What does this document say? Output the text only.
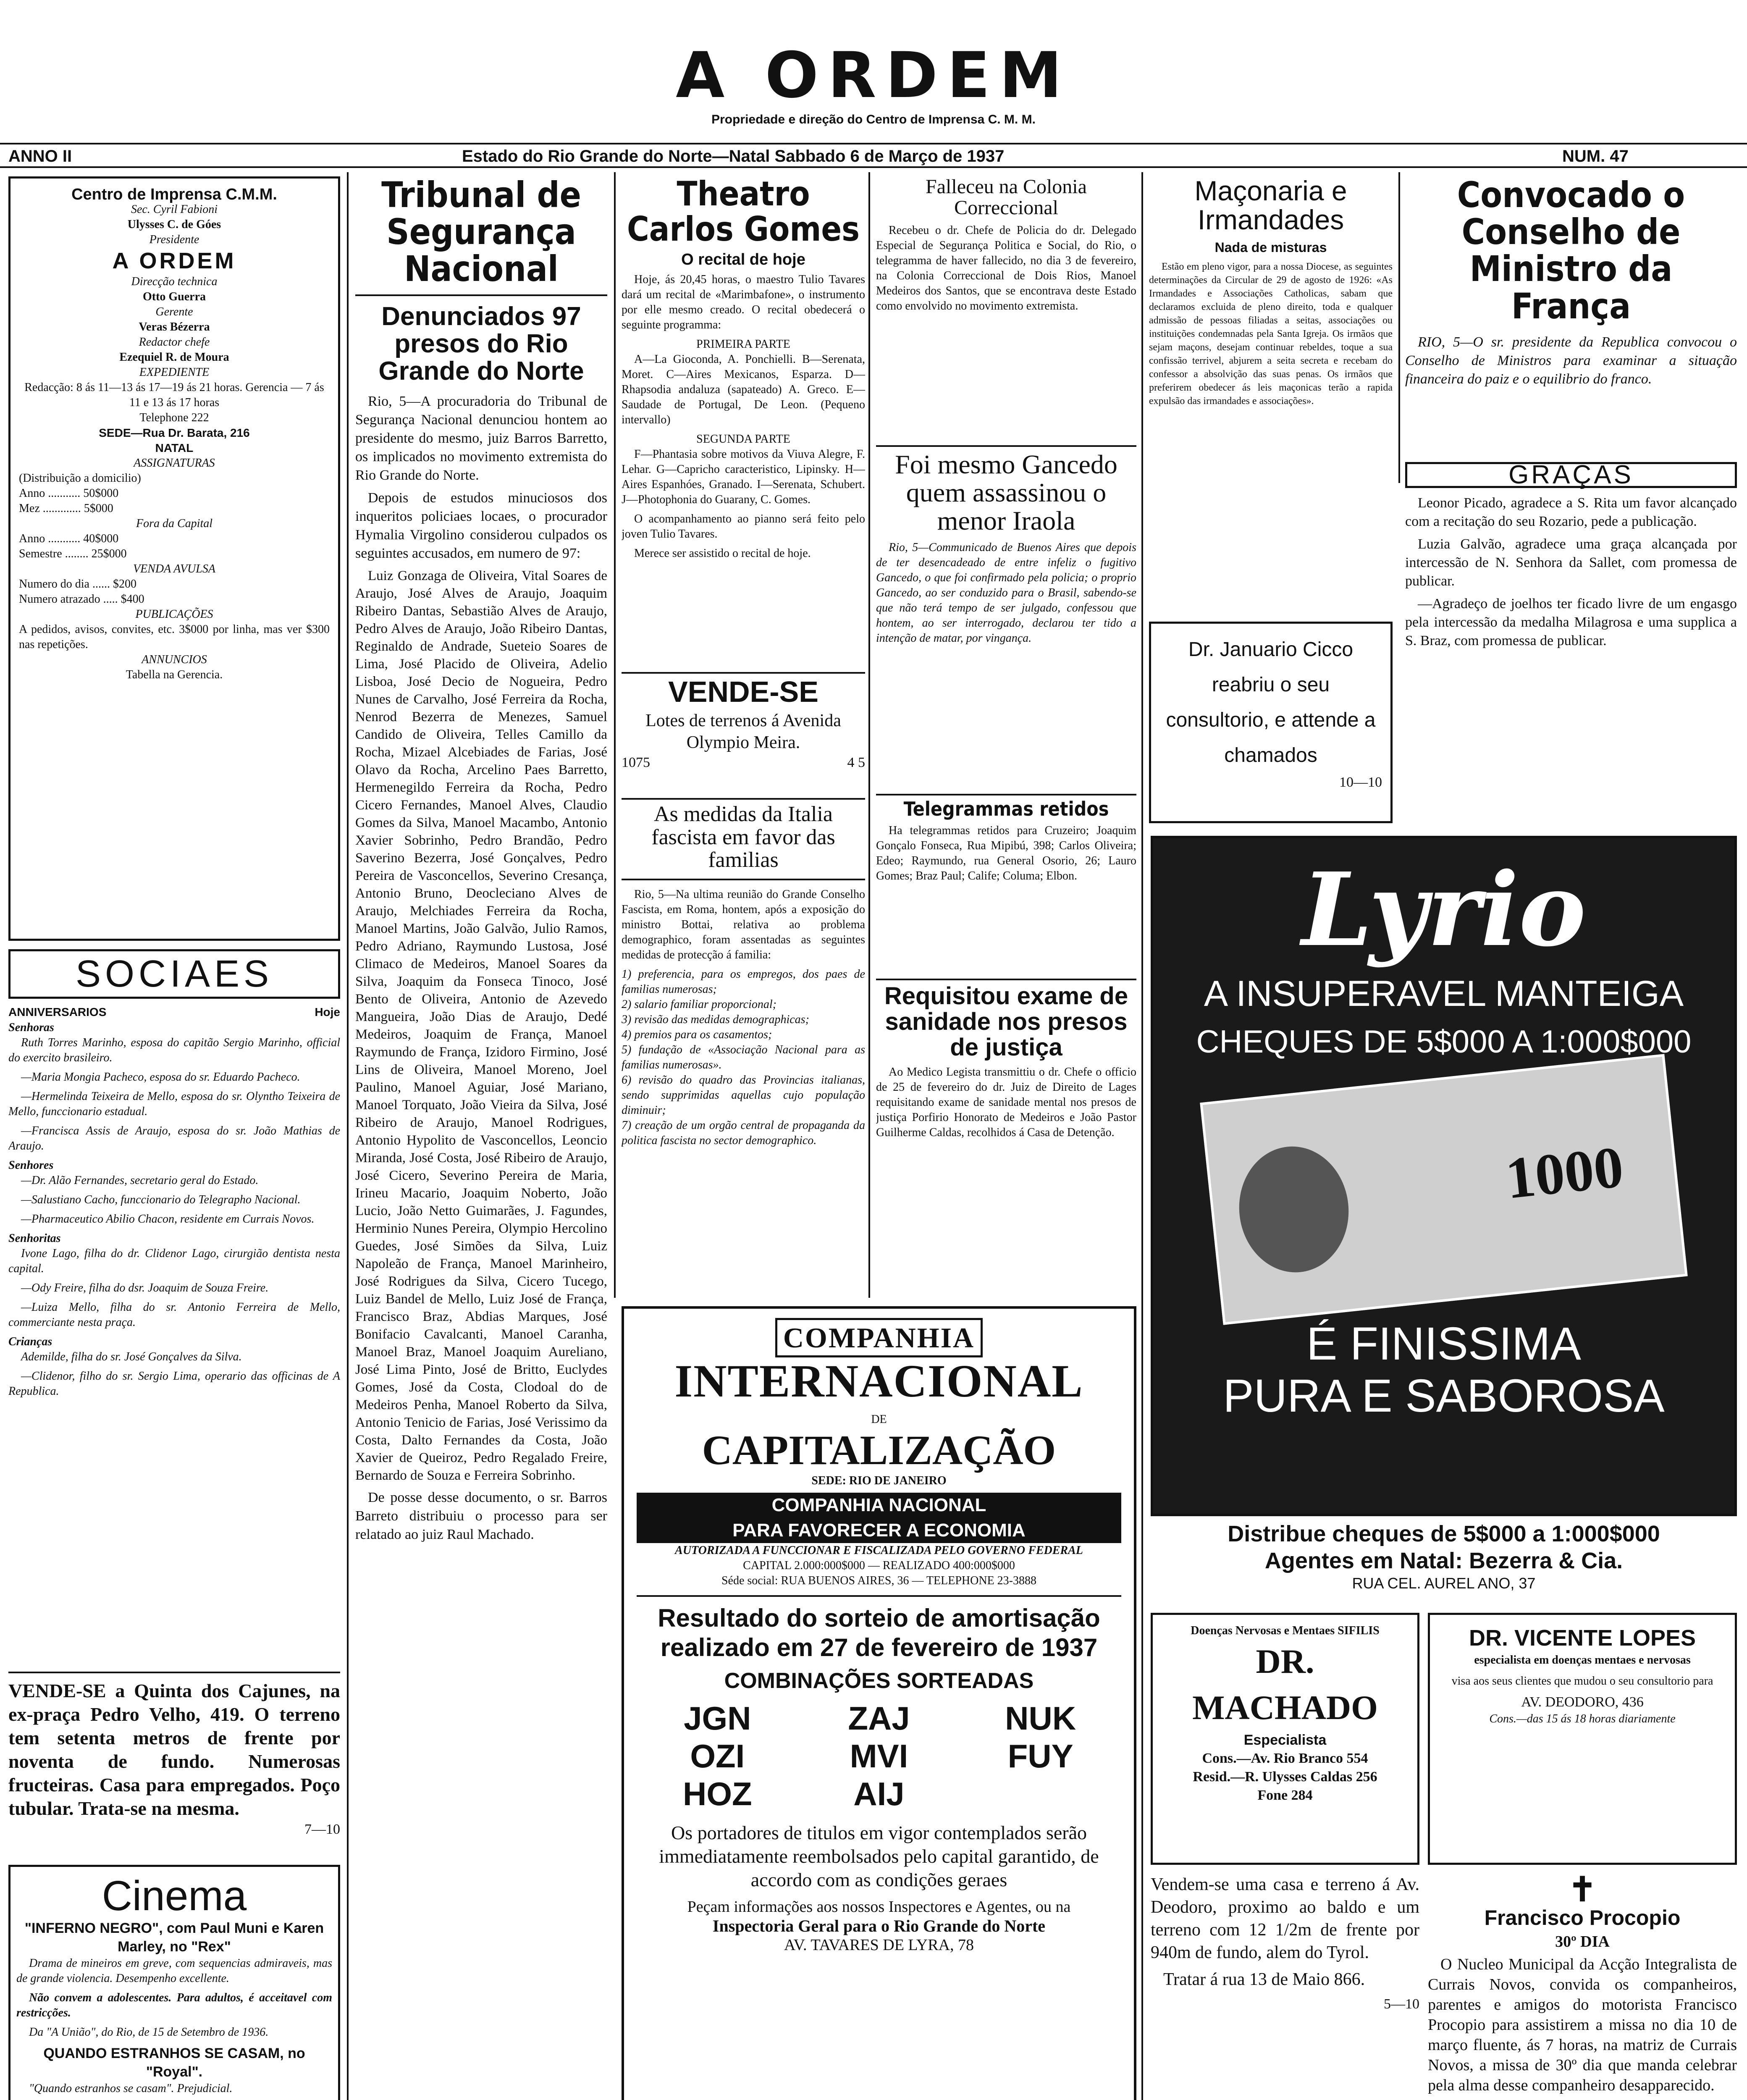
A ORDEM
Propriedade e direção do Centro de Imprensa C. M. M.
ANNO II	Estado do Rio Grande do Norte—Natal Sabbado 6 de Março de 1937	NUM. 47
Centro de Imprensa C.M.M.
Sec. Cyril Fabioni
Ulysses C. de Góes
Presidente
A ORDEM
Direcção technica
Otto Guerra
Gerente
Veras Bézerra
Redactor chefe
Ezequiel R. de Moura
EXPEDIENTE
Redacção: 8 ás 11—13 ás 17—19 ás 21 horas. Gerencia — 7 ás 11 e 13 ás 17 horas
Telephone 222
SEDE—Rua Dr. Barata, 216
NATAL
ASSIGNATURAS
(Distribuição a domicilio)
Anno ........... 50$000
Mez ............. 5$000
Fora da Capital
Anno ........... 40$000
Semestre ........ 25$000
VENDA AVULSA
Numero do dia ...... $200
Numero atrazado ..... $400
PUBLICAÇÕES
A pedidos, avisos, convites, etc. 3$000 por linha, mas ver $300 nas repetições.
ANNUNCIOS
Tabella na Gerencia.
SOCIAES
ANNIVERSARIOS	Hoje
Senhoras

Ruth Torres Marinho, esposa do capitão Sergio Marinho, official do exercito brasileiro.

—Maria Mongia Pacheco, esposa do sr. Eduardo Pacheco.

—Hermelinda Teixeira de Mello, esposa do sr. Olyntho Teixeira de Mello, funccionario estadual.

—Francisca Assis de Araujo, esposa do sr. João Mathias de Araujo.

Senhores

—Dr. Alão Fernandes, secretario geral do Estado.

—Salustiano Cacho, funccionario do Telegrapho Nacional.

—Pharmaceutico Abilio Chacon, residente em Currais Novos.

Senhoritas

Ivone Lago, filha do dr. Clidenor Lago, cirurgião dentista nesta capital.

—Ody Freire, filha do dsr. Joaquim de Souza Freire.

—Luiza Mello, filha do sr. Antonio Ferreira de Mello, commerciante nesta praça.

Crianças

Ademilde, filha do sr. José Gonçalves da Silva.

—Clidenor, filho do sr. Sergio Lima, operario das officinas de A Republica.

VENDE-SE a Quinta dos Cajunes, na ex-praça Pedro Velho, 419. O terreno tem setenta metros de frente por noventa de fundo. Numerosas fructeiras. Casa para empregados. Poço tubular. Trata-se na mesma.
7—10
Cinema
"INFERNO NEGRO", com Paul Muni e Karen Marley, no "Rex"

Drama de mineiros em greve, com sequencias admiraveis, mas de grande violencia. Desempenho excellente.

Não convem a adolescentes. Para adultos, é acceitavel com restricções.

Da "A União", do Rio, de 15 de Setembro de 1936.

QUANDO ESTRANHOS SE CASAM, no "Royal".

"Quando estranhos se casam". Prejudicial.

Tribunal de Segurança Nacional
Denunciados 97 presos do Rio Grande do Norte

Rio, 5—A procuradoria do Tribunal de Segurança Nacional denunciou hontem ao presidente do mesmo, juiz Barros Barretto, os implicados no movimento extremista do Rio Grande do Norte.

Depois de estudos minuciosos dos inqueritos policiaes locaes, o procurador Hymalia Virgolino considerou culpados os seguintes accusados, em numero de 97:

Luiz Gonzaga de Oliveira, Vital Soares de Araujo, José Alves de Araujo, Joaquim Ribeiro Dantas, Sebastião Alves de Araujo, Pedro Alves de Araujo, João Ribeiro Dantas, Reginaldo de Andrade, Sueteio Soares de Lima, José Placido de Oliveira, Adelio Lisboa, José Decio de Nogueira, Pedro Nunes de Carvalho, José Ferreira da Rocha, Nenrod Bezerra de Menezes, Samuel Candido de Oliveira, Telles Camillo da Rocha, Mizael Alcebiades de Farias, José Olavo da Rocha, Arcelino Paes Barretto, Hermenegildo Ferreira da Rocha, Pedro Cicero Fernandes, Manoel Alves, Claudio Gomes da Silva, Manoel Macambo, Antonio Xavier Sobrinho, Pedro Brandão, Pedro Saverino Bezerra, José Gonçalves, Pedro Pereira de Vasconcellos, Severino Cresança, Antonio Bruno, Deocleciano Alves de Araujo, Melchiades Ferreira da Rocha, Manoel Martins, João Galvão, Julio Ramos, Pedro Adriano, Raymundo Lustosa, José Climaco de Medeiros, Manoel Soares da Silva, Joaquim da Fonseca Tinoco, José Bento de Oliveira, Antonio de Azevedo Mangueira, João Dias de Araujo, Dedé Medeiros, Joaquim de França, Manoel Raymundo de França, Izidoro Firmino, José Lins de Oliveira, Manoel Moreno, Joel Paulino, Manoel Aguiar, José Mariano, Manoel Torquato, João Vieira da Silva, José Ribeiro de Araujo, Manoel Rodrigues, Antonio Hypolito de Vasconcellos, Leoncio Miranda, José Costa, José Ribeiro de Araujo, José Cicero, Severino Pereira de Maria, Irineu Macario, Joaquim Noberto, João Lucio, João Netto Guimarães, J. Fagundes, Herminio Nunes Pereira, Olympio Hercolino Guedes, José Simões da Silva, Luiz Napoleão de França, Manoel Marinheiro, José Rodrigues da Silva, Cicero Tucego, Luiz Bandel de Mello, Luiz José de França, Francisco Braz, Abdias Marques, José Bonifacio Cavalcanti, Manoel Caranha, Manoel Braz, Manoel Joaquim Aureliano, José Lima Pinto, José de Britto, Euclydes Gomes, José da Costa, Clodoal do de Medeiros Penha, Manoel Roberto da Silva, Antonio Tenicio de Farias, José Verissimo da Costa, Dalto Fernandes da Costa, João Xavier de Queiroz, Pedro Regalado Freire, Bernardo de Souza e Ferreira Sobrinho.

De posse desse documento, o sr. Barros Barreto distribuiu o processo para ser relatado ao juiz Raul Machado.

Theatro Carlos Gomes
O recital de hoje

Hoje, ás 20,45 horas, o maestro Tulio Tavares dará um recital de «Marimbafone», o instrumento por elle mesmo creado. O recital obedecerá o seguinte programma:

PRIMEIRA PARTE

A—La Gioconda, A. Ponchielli. B—Serenata, Moret. C—Aires Mexicanos, Esparza. D—Rhapsodia andaluza (sapateado) A. Greco. E—Saudade de Portugal, De Leon. (Pequeno intervallo)

SEGUNDA PARTE

F—Phantasia sobre motivos da Viuva Alegre, F. Lehar. G—Capricho caracteristico, Lipinsky. H—Aires Espanhóes, Granado. I—Serenata, Schubert. J—Photophonia do Guarany, C. Gomes.

O acompanhamento ao pianno será feito pelo joven Tulio Tavares.

Merece ser assistido o recital de hoje.

VENDE-SE
Lotes de terrenos á Avenida Olympio Meira.
1075	4 5
As medidas da Italia fascista em favor das familias

Rio, 5—Na ultima reunião do Grande Conselho Fascista, em Roma, hontem, após a exposição do ministro Bottai, relativa ao problema demographico, foram assentadas as seguintes medidas de protecção á familia:

1) preferencia, para os empregos, dos paes de familias numerosas;
2) salario familiar proporcional;
3) revisão das medidas demographicas;
4) premios para os casamentos;
5) fundação de «Associação Nacional para as familias numerosas».
6) revisão do quadro das Provincias italianas, sendo supprimidas aquellas cujo população diminuir;
7) creação de um orgão central de propaganda da politica fascista no sector demographico.
Falleceu na Colonia Correccional

Recebeu o dr. Chefe de Policia do dr. Delegado Especial de Segurança Politica e Social, do Rio, o telegramma de haver fallecido, no dia 3 de fevereiro, na Colonia Correccional de Dois Rios, Manoel Medeiros dos Santos, que se encontrava deste Estado como envolvido no movimento extremista.

Foi mesmo Gancedo quem assassinou o menor Iraola

Rio, 5—Communicado de Buenos Aires que depois de ter desencadeado de entre infeliz o fugitivo Gancedo, o que foi confirmado pela policia; o proprio Gancedo, ao ser conduzido para o Brasil, sabendo-se que não terá tempo de ser julgado, confessou que hontem, ao ser interrogado, declarou ter tido a intenção de matar, por vingança.

Telegrammas retidos

Ha telegrammas retidos para Cruzeiro; Joaquim Gonçalo Fonseca, Rua Mipibú, 398; Carlos Oliveira; Edeo; Raymundo, rua General Osorio, 26; Lauro Gomes; Braz Paul; Calife; Columa; Elbon.

Requisitou exame de sanidade nos presos de justiça

Ao Medico Legista transmittiu o dr. Chefe o officio de 25 de fevereiro do dr. Juiz de Direito de Lages requisitando exame de sanidade mental nos presos de justiça Porfirio Honorato de Medeiros e João Pastor Guilherme Caldas, recolhidos á Casa de Detenção.

COMPANHIA INTERNACIONAL
DE
CAPITALIZAÇÃO
SEDE: RIO DE JANEIRO
COMPANHIA NACIONAL
PARA FAVORECER A ECONOMIA
AUTORIZADA A FUNCCIONAR E FISCALIZADA PELO GOVERNO FEDERAL
CAPITAL 2.000:000$000 — REALIZADO 400:000$000
Séde social: RUA BUENOS AIRES, 36 — TELEPHONE 23-3888
Resultado do sorteio de amortisação realizado em 27 de fevereiro de 1937
COMBINAÇÕES SORTEADAS
JGN	ZAJ	NUK
OZI	MVI	FUY
HOZ	AIJ
Os portadores de titulos em vigor contemplados serão immediatamente reembolsados pelo capital garantido, de accordo com as condições geraes
Peçam informações aos nossos Inspectores e Agentes, ou na
Inspectoria Geral para o Rio Grande do Norte
AV. TAVARES DE LYRA, 78

Maçonaria e Irmandades
Nada de misturas

Estão em pleno vigor, para a nossa Diocese, as seguintes determinações da Circular de 29 de agosto de 1926: «As Irmandades e Associações Catholicas, sabam que declaramos excluida de pleno direito, toda e qualquer admissão de pessoas filiadas a seitas, associações ou instituições condemnadas pela Santa Igreja. Os irmãos que sejam maçons, desejam continuar rebeldes, toque a sua confissão terrivel, abjurem a seita secreta e recebam do confessor a absolvição das suas penas. Os irmãos que preferirem obedecer ás leis maçonicas terão a rapida expulsão das irmandades e associações».

Convocado o Conselho de Ministro da França

RIO, 5—O sr. presidente da Republica convocou o Conselho de Ministros para examinar a situação financeira do paiz e o equilibrio do franco.

GRAÇAS

Leonor Picado, agradece a S. Rita um favor alcançado com a recitação do seu Rozario, pede a publicação.

Luzia Galvão, agradece uma graça alcançada por intercessão de N. Senhora da Sallet, com promessa de publicar.

—Agradeço de joelhos ter ficado livre de um engasgo pela intercessão da medalha Milagrosa e uma supplica a S. Braz, com promessa de publicar.

Dr. Januario Cicco reabriu o seu consultorio, e attende a chamados
10—10
Lyrio
A INSUPERAVEL MANTEIGA
CHEQUES DE 5$000 A 1:000$000
1000
É FINISSIMA
PURA E SABOROSA
Distribue cheques de 5$000 a 1:000$000
Agentes em Natal: Bezerra & Cia.
RUA CEL. AUREL ANO, 37
Doenças Nervosas e Mentaes SIFILIS
DR. MACHADO
Especialista
Cons.—Av. Rio Branco 554
Resid.—R. Ulysses Caldas 256
Fone 284
DR. VICENTE LOPES
especialista em doenças mentaes e nervosas
visa aos seus clientes que mudou o seu consultorio para
AV. DEODORO, 436
Cons.—das 15 ás 18 horas diariamente

Vendem-se uma casa e terreno á Av. Deodoro, proximo ao baldo e um terreno com 12 1/2m de frente por 940m de fundo, alem do Tyrol.

Tratar á rua 13 de Maio 866.

5—10

✝
Francisco Procopio
30º DIA

O Nucleo Municipal da Acção Integralista de Currais Novos, convida os companheiros, parentes e amigos do motorista Francisco Procopio para assistirem a missa no dia 10 de março fluente, ás 7 horas, na matriz de Currais Novos, a missa de 30º dia que manda celebrar pela alma desse companheiro desapparecido.
